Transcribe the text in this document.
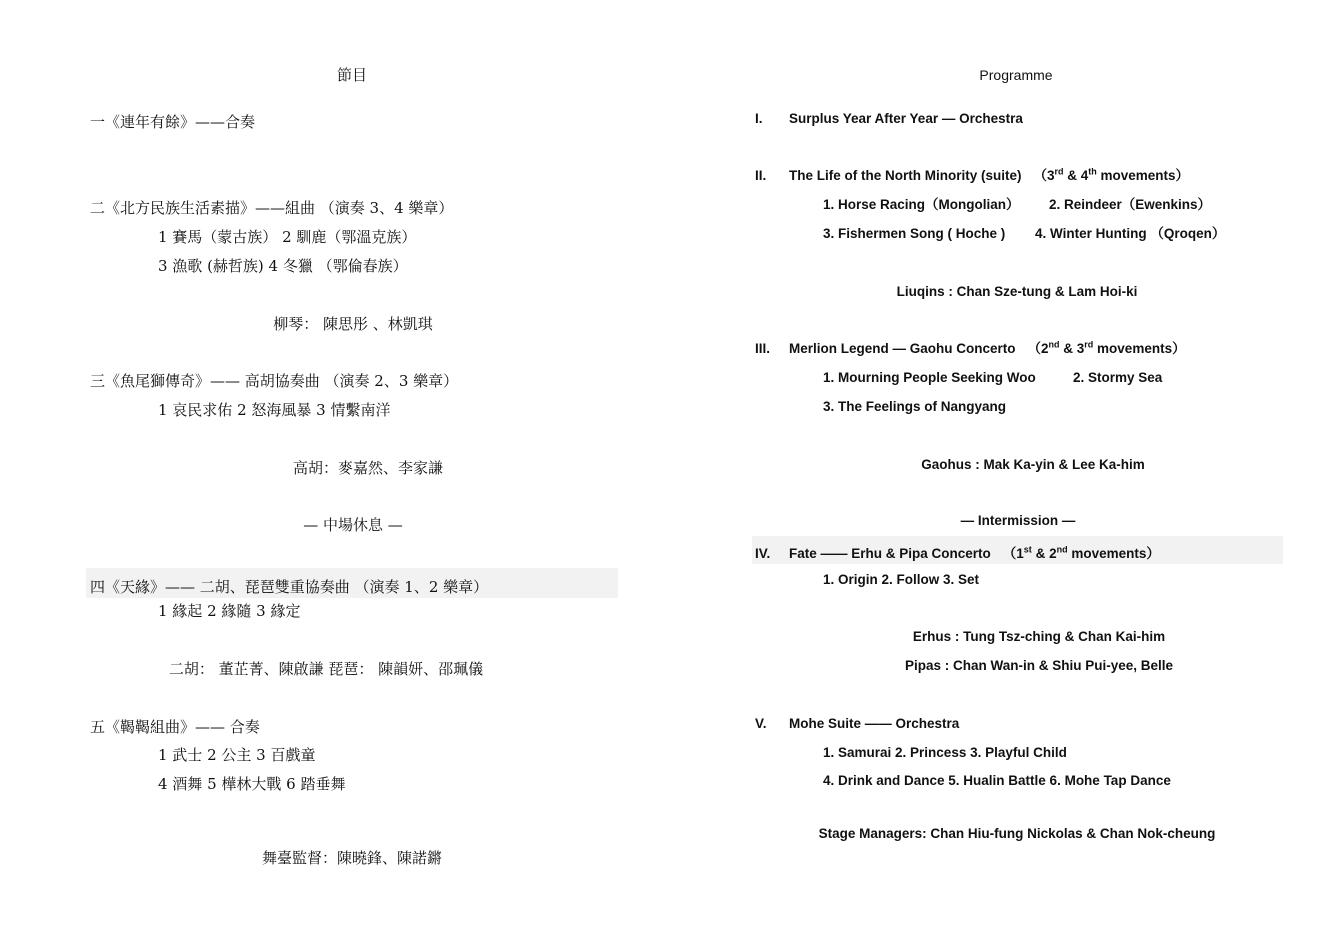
節目
一《連年有餘》——合奏
二《北方民族生活素描》——組曲 （演奏 3、4 樂章）
1 賽馬（蒙古族） 2 馴鹿（鄂溫克族）
3 漁歌 (赫哲族) 4 冬獵 （鄂倫春族）
柳琴： 陳思彤 、林凱琪
三《魚尾獅傳奇》—— 高胡協奏曲 （演奏 2、3 樂章）
1 哀民求佑 2 怒海風暴 3 情繫南洋
高胡：麥嘉然、李家謙
— 中場休息 —
四《天緣》—— 二胡、琵琶雙重協奏曲 （演奏 1、2 樂章）
1 緣起 2 緣隨 3 緣定
二胡： 董芷菁、陳啟謙 琵琶： 陳韻妍、邵珮儀
五《鞨鞨組曲》—— 合奏
1 武士 2 公主 3 百戲童
4 酒舞 5 樺林大戰 6 踏垂舞
舞臺監督：陳曉鋒、陳諾鏘
Programme
I. Surplus Year After Year — Orchestra
II. The Life of the North Minority (suite) （3rd & 4th movements）
1. Horse Racing（Mongolian） 2. Reindeer（Ewenkins）
3. Fishermen Song ( Hoche ) 4. Winter Hunting （Qroqen）
Liuqins : Chan Sze-tung & Lam Hoi-ki
III. Merlion Legend — Gaohu Concerto （2nd & 3rd movements）
1. Mourning People Seeking Woo	2. Stormy Sea
3. The Feelings of Nangyang
Gaohus : Mak Ka-yin & Lee Ka-him
— Intermission —
IV. Fate —— Erhu & Pipa Concerto （1st & 2nd movements）
1. Origin 2. Follow 3. Set
Erhus : Tung Tsz-ching & Chan Kai-him
Pipas : Chan Wan-in & Shiu Pui-yee, Belle
V. Mohe Suite —— Orchestra
1. Samurai 2. Princess 3. Playful Child
4. Drink and Dance 5. Hualin Battle 6. Mohe Tap Dance
Stage Managers: Chan Hiu-fung Nickolas & Chan Nok-cheung
